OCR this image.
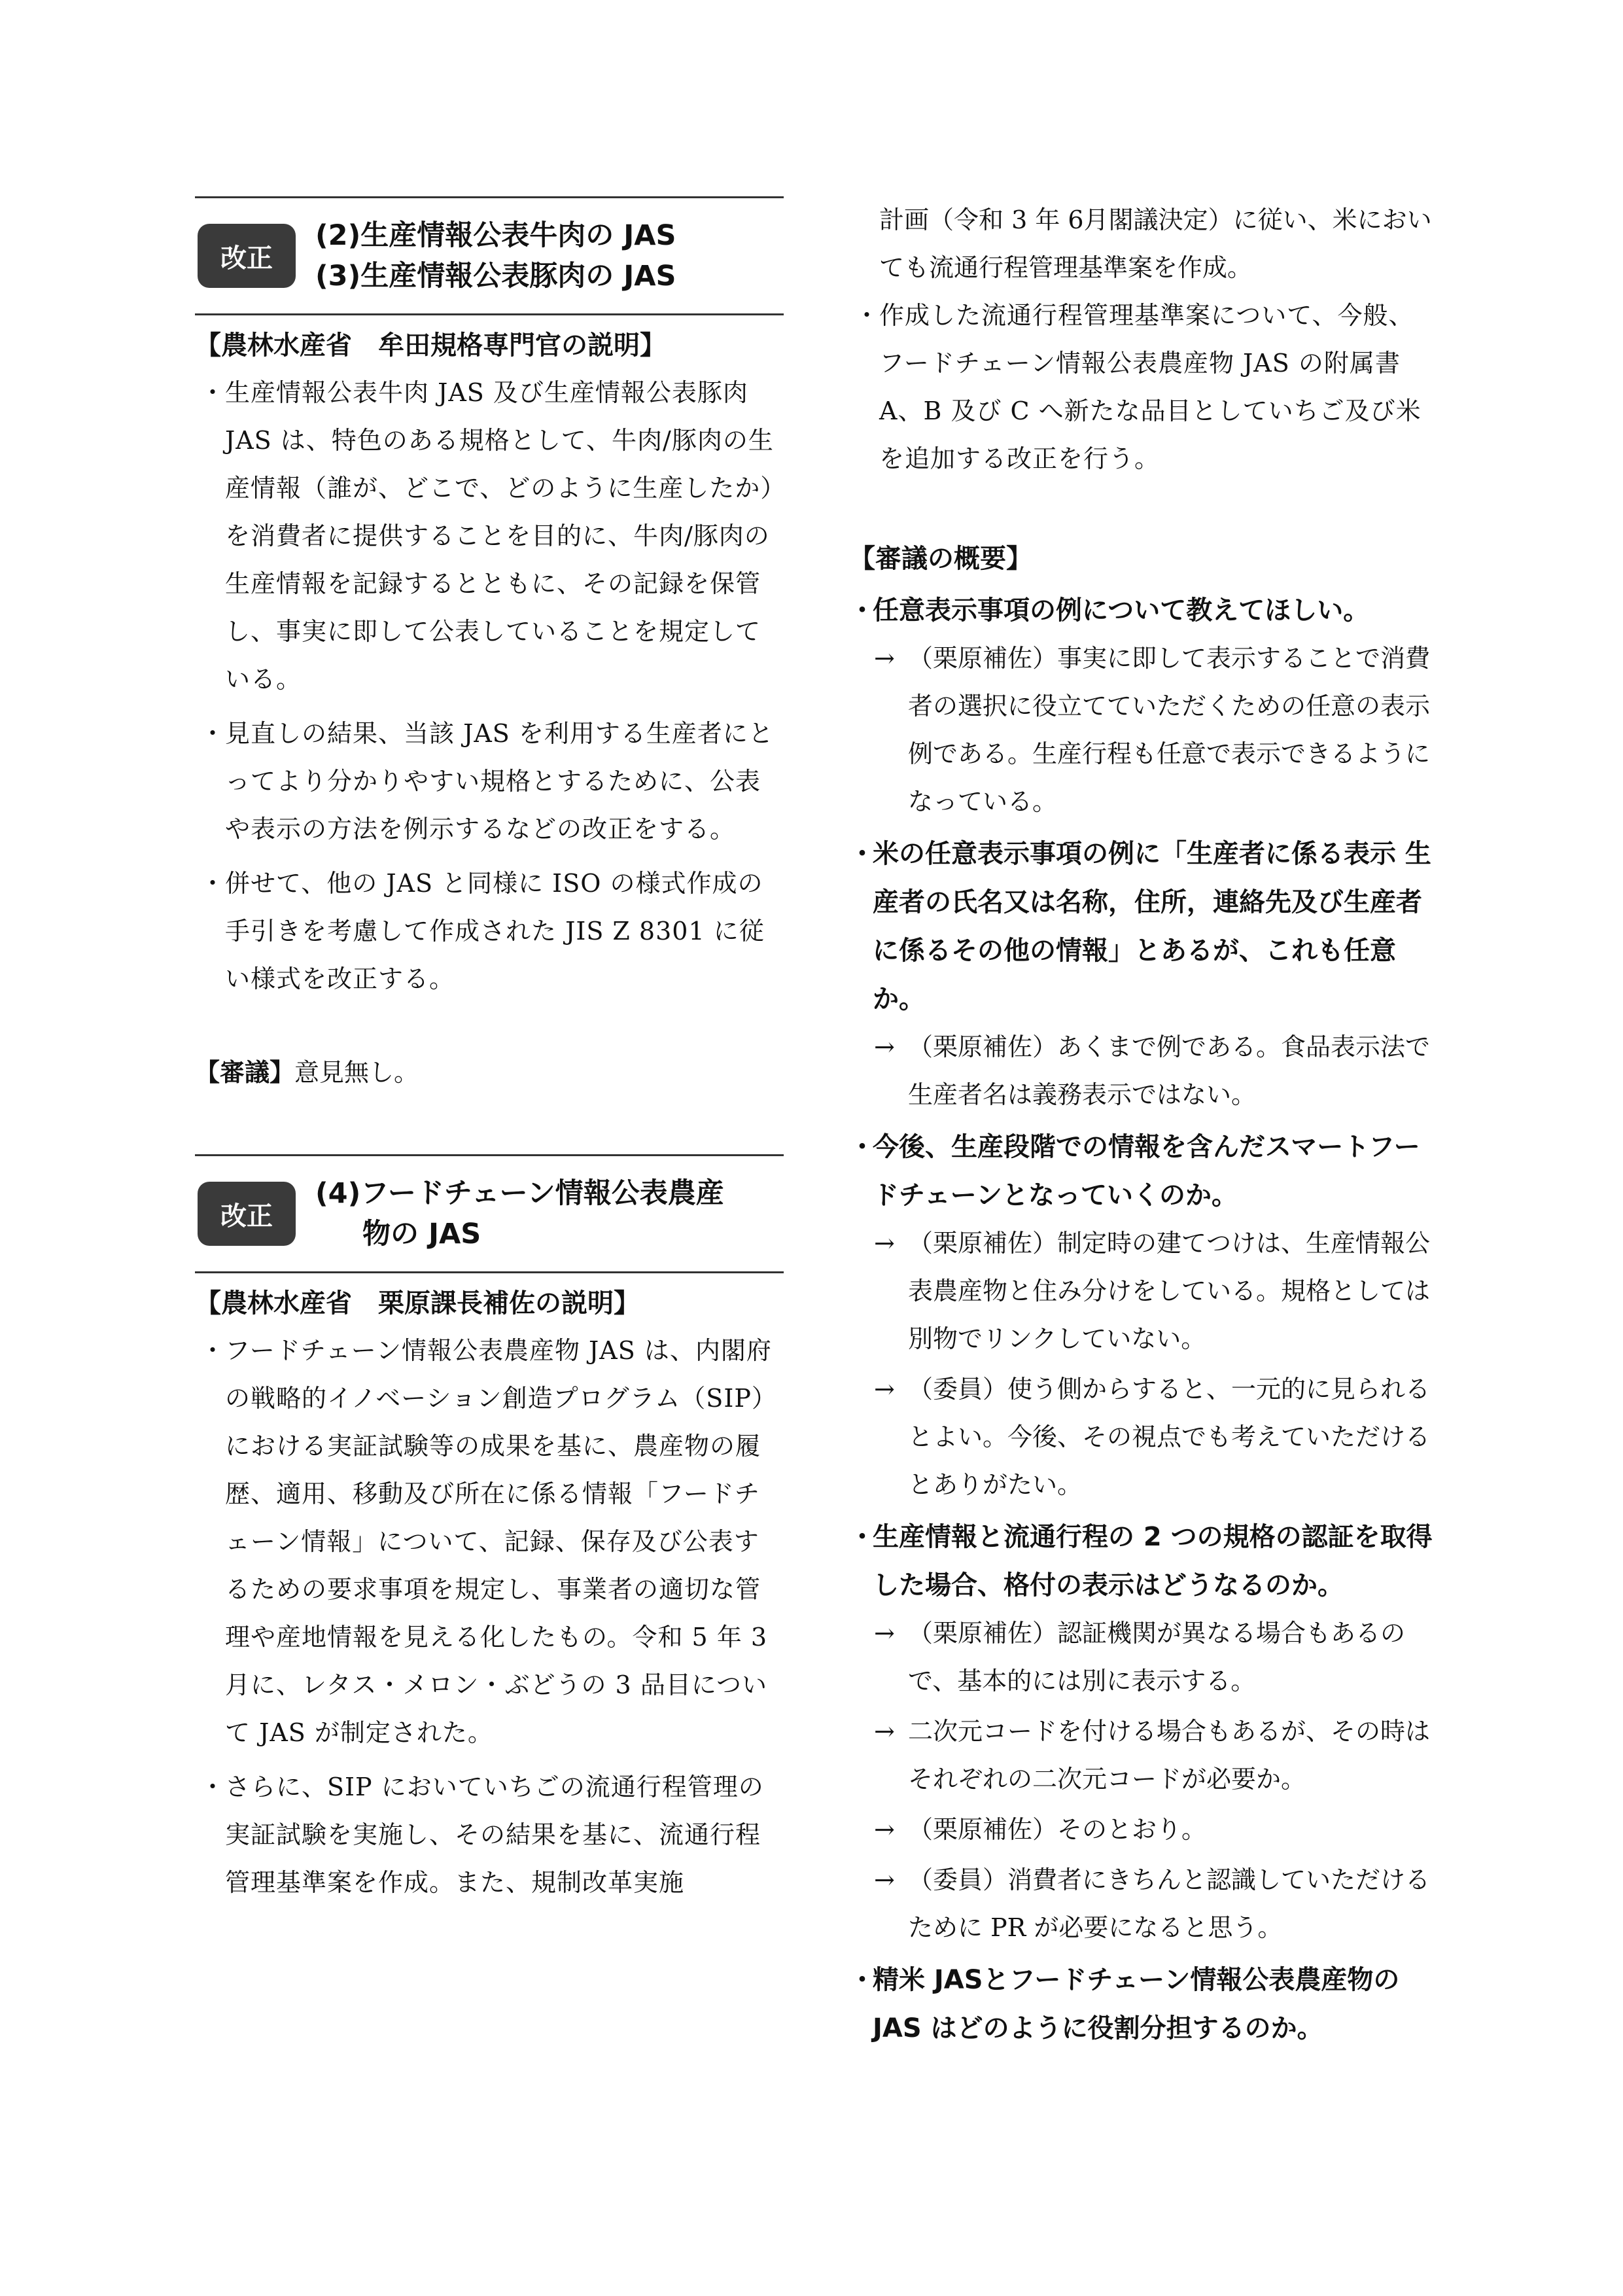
改正
(2)生産情報公表牛肉の JAS
(3)生産情報公表豚肉の JAS
【農林水産省　牟田規格専門官の説明】
・
生産情報公表牛肉 JAS 及び生産情報公表豚肉 JAS は、特色のある規格として、牛肉/豚肉の生産情報（誰が、どこで、どのように生産したか）を消費者に提供することを目的に、牛肉/豚肉の生産情報を記録するとともに、その記録を保管し、事実に即して公表していることを規定している。
・
見直しの結果、当該 JAS を利用する生産者にとってより分かりやすい規格とするために、公表や表示の方法を例示するなどの改正をする。
・
併せて、他の JAS と同様に ISO の様式作成の手引きを考慮して作成された JIS Z 8301 に従い様式を改正する。
【審議】意見無し。
改正
(4)フードチェーン情報公表農産
物の JAS
【農林水産省　栗原課長補佐の説明】
・
フードチェーン情報公表農産物 JAS は、内閣府の戦略的イノベーション創造プログラム（SIP）における実証試験等の成果を基に、農産物の履歴、適用、移動及び所在に係る情報「フードチェーン情報」について、記録、保存及び公表するための要求事項を規定し、事業者の適切な管理や産地情報を見える化したもの。令和 5 年 3 月に、レタス・メロン・ぶどうの 3 品目について JAS が制定された。
・
さらに、SIP においていちごの流通行程管理の実証試験を実施し、その結果を基に、流通行程管理基準案を作成。また、規制改革実施
計画（令和 3 年 6月閣議決定）に従い、米においても流通行程管理基準案を作成。
・
作成した流通行程管理基準案について、今般、フードチェーン情報公表農産物 JAS の附属書 A、B 及び C へ新たな品目としていちご及び米を追加する改正を行う。
【審議の概要】
・
任意表示事項の例について教えてほしい。
→ （栗原補佐）事実に即して表示することで消費者の選択に役立てていただくための任意の表示例である。生産行程も任意で表示できるようになっている。
・
米の任意表示事項の例に「生産者に係る表示 生産者の氏名又は名称，住所，連絡先及び生産者に係るその他の情報」とあるが、これも任意か。
→ （栗原補佐）あくまで例である。食品表示法で生産者名は義務表示ではない。
・
今後、生産段階での情報を含んだスマートフードチェーンとなっていくのか。
→ （栗原補佐）制定時の建てつけは、生産情報公表農産物と住み分けをしている。規格としては別物でリンクしていない。
→ （委員）使う側からすると、一元的に見られるとよい。今後、その視点でも考えていただけるとありがたい。
・
生産情報と流通行程の 2 つの規格の認証を取得した場合、格付の表示はどうなるのか。
→ （栗原補佐）認証機関が異なる場合もあるので、基本的には別に表示する。
→ 二次元コードを付ける場合もあるが、その時はそれぞれの二次元コードが必要か。
→ （栗原補佐）そのとおり。
→ （委員）消費者にきちんと認識していただけるために PR が必要になると思う。
・
精米 JASとフードチェーン情報公表農産物の JAS はどのように役割分担するのか。
